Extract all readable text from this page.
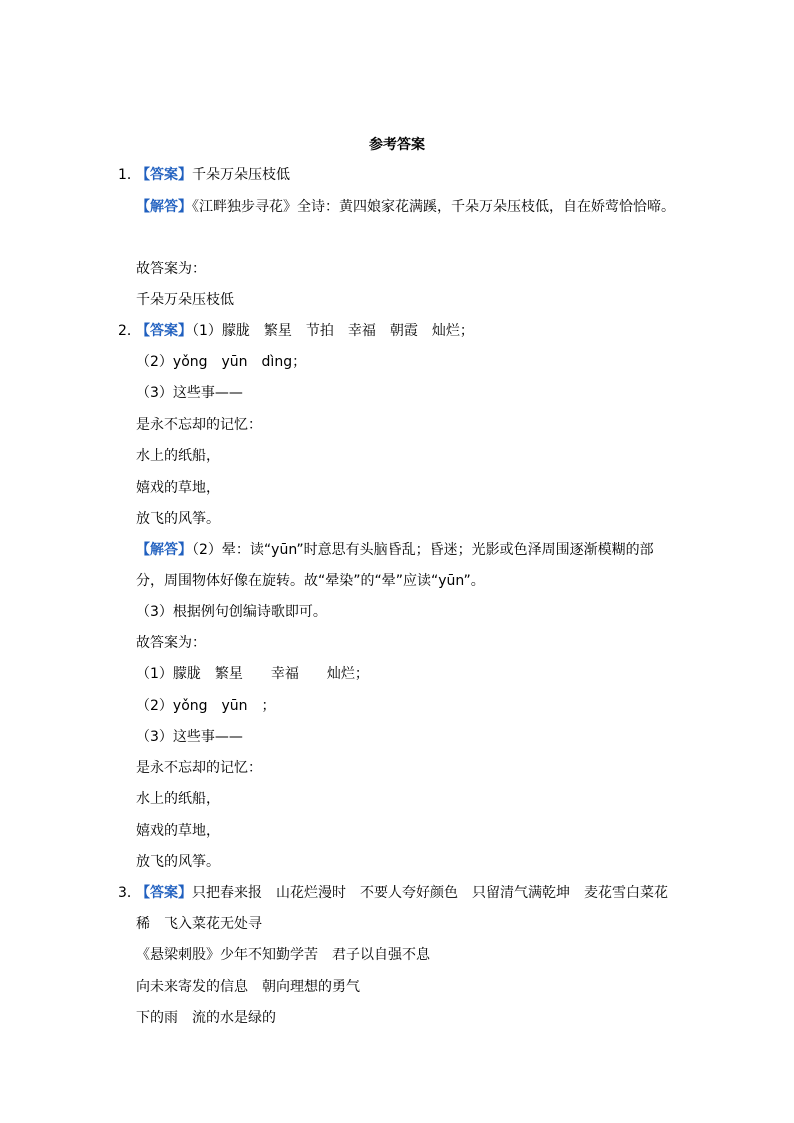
参考答案
1．
【答案】千朵万朵压枝低
【解答】《江畔独步寻花》全诗：黄四娘家花满蹊，千朵万朵压枝低，自在娇莺恰恰啼。
故答案为：
千朵万朵压枝低
2．
【答案】（1）朦胧　繁星　节拍　幸福　朝霞　灿烂；
（2）yǒng　yūn　dìng；
（3）这些事——
是永不忘却的记忆：
水上的纸船，
嬉戏的草地，
放飞的风筝。
【解答】（2）晕：读“yūn”时意思有头脑昏乱；昏迷；光影或色泽周围逐渐模糊的部
分，周围物体好像在旋转。故“晕染”的“晕”应读“yūn”。
（3）根据例句创编诗歌即可。
故答案为：
（1）朦胧　繁星　　幸福　　灿烂；
（2）yǒng　yūn　；
（3）这些事——
是永不忘却的记忆：
水上的纸船，
嬉戏的草地，
放飞的风筝。
3．
【答案】只把春来报　山花烂漫时　不要人夸好颜色　只留清气满乾坤　麦花雪白菜花
稀　飞入菜花无处寻
《悬梁刺股》少年不知勤学苦　君子以自强不息
向未来寄发的信息　朝向理想的勇气
下的雨　流的水是绿的
